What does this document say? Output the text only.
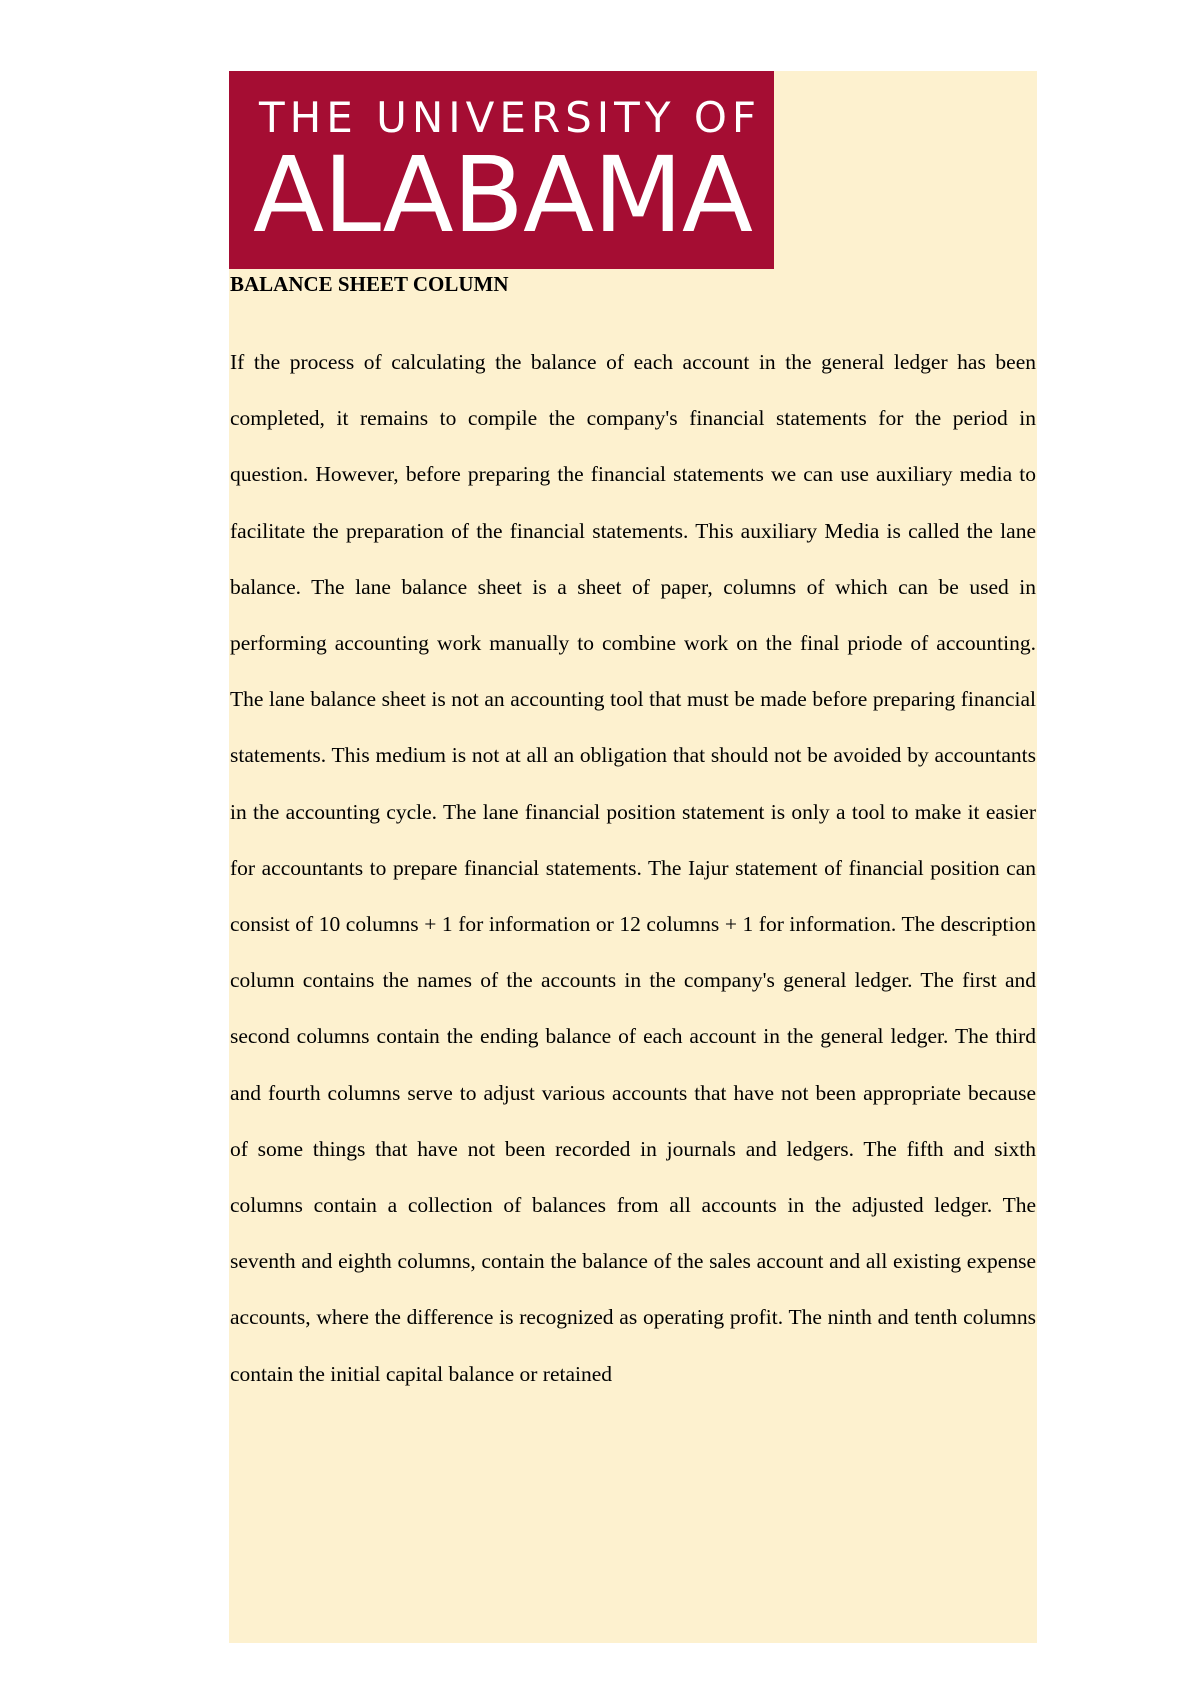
THE UNIVERSITY OF
ALABAMA
BALANCE SHEET COLUMN

If the process of calculating the balance of each account in the general ledger has been completed, it remains to compile the company's financial statements for the period in question. However, before preparing the financial statements we can use auxiliary media to facilitate the preparation of the financial statements. This auxiliary Media is called the lane balance. The lane balance sheet is a sheet of paper, columns of which can be used in performing accounting work manually to combine work on the final priode of accounting. The lane balance sheet is not an accounting tool that must be made before preparing financial statements. This medium is not at all an obligation that should not be avoided by accountants in the accounting cycle. The lane financial position statement is only a tool to make it easier for accountants to prepare financial statements. The Iajur statement of financial position can consist of 10 columns + 1 for information or 12 columns + 1 for information. The description column contains the names of the accounts in the company's general ledger. The first and second columns contain the ending balance of each account in the general ledger. The third and fourth columns serve to adjust various accounts that have not been appropriate because of some things that have not been recorded in journals and ledgers. The fifth and sixth columns contain a collection of balances from all accounts in the adjusted ledger. The seventh and eighth columns, contain the balance of the sales account and all existing expense accounts, where the difference is recognized as operating profit. The ninth and tenth columns contain the initial capital balance or retained
